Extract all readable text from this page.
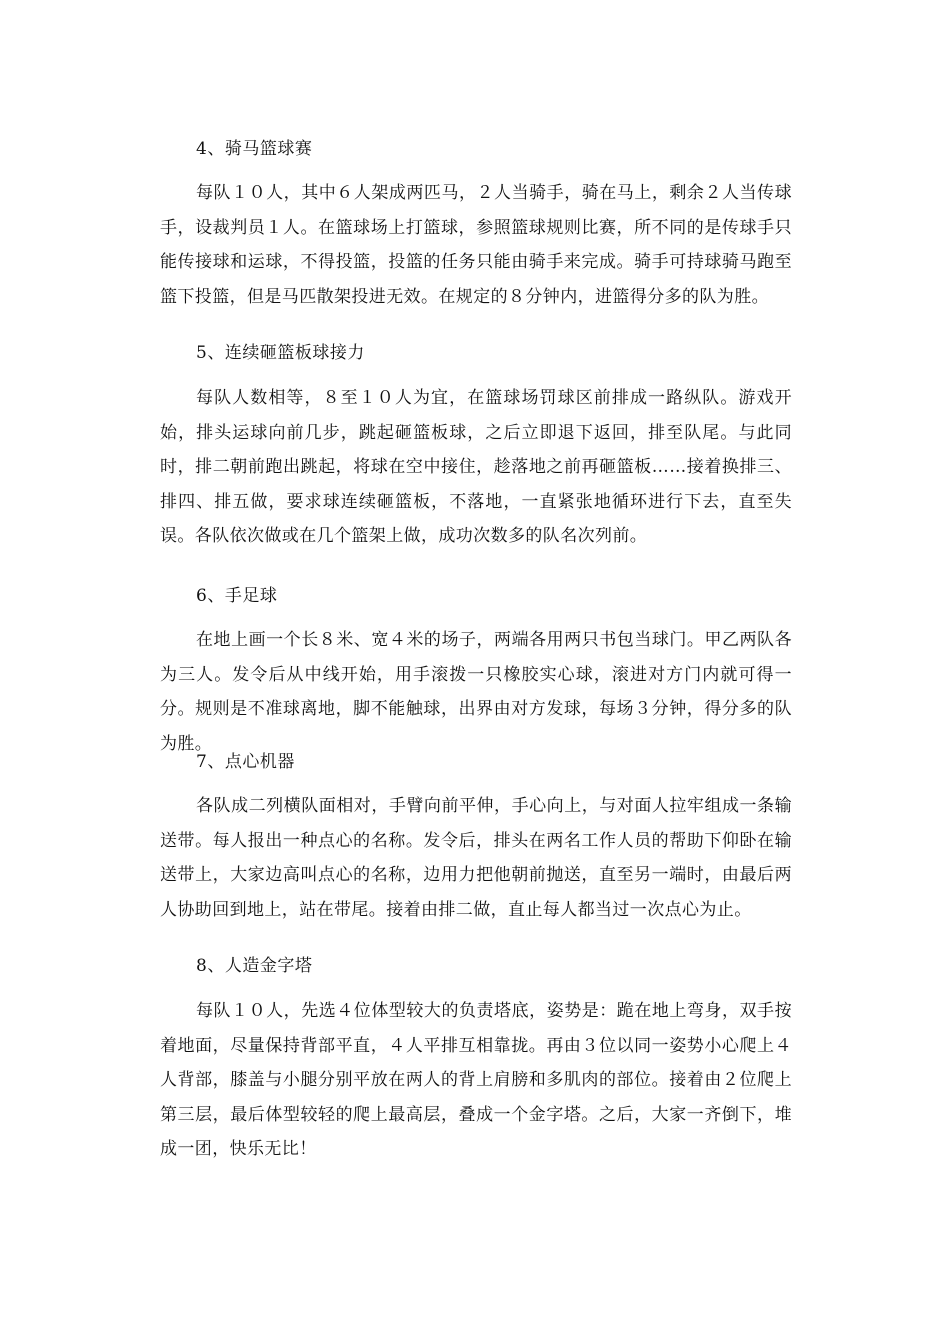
4、骑马篮球赛
每队１０人，其中６人架成两匹马，２人当骑手，骑在马上，剩余２人当传球手，设裁判员１人。在篮球场上打篮球，参照篮球规则比赛，所不同的是传球手只能传接球和运球，不得投篮，投篮的任务只能由骑手来完成。骑手可持球骑马跑至篮下投篮，但是马匹散架投进无效。在规定的８分钟内，进篮得分多的队为胜。
5、连续砸篮板球接力
每队人数相等，８至１０人为宜，在篮球场罚球区前排成一路纵队。游戏开始，排头运球向前几步，跳起砸篮板球，之后立即退下返回，排至队尾。与此同时，排二朝前跑出跳起，将球在空中接住，趁落地之前再砸篮板……接着换排三、排四、排五做，要求球连续砸篮板，不落地，一直紧张地循环进行下去，直至失误。各队依次做或在几个篮架上做，成功次数多的队名次列前。
6、手足球
在地上画一个长８米、宽４米的场子，两端各用两只书包当球门。甲乙两队各为三人。发令后从中线开始，用手滚拨一只橡胶实心球，滚进对方门内就可得一分。规则是不准球离地，脚不能触球，出界由对方发球，每场３分钟，得分多的队为胜。
7、点心机器
各队成二列横队面相对，手臂向前平伸，手心向上，与对面人拉牢组成一条输送带。每人报出一种点心的名称。发令后，排头在两名工作人员的帮助下仰卧在输送带上，大家边高叫点心的名称，边用力把他朝前抛送，直至另一端时，由最后两人协助回到地上，站在带尾。接着由排二做，直止每人都当过一次点心为止。
8、人造金字塔
每队１０人，先选４位体型较大的负责塔底，姿势是：跪在地上弯身，双手按着地面，尽量保持背部平直，４人平排互相靠拢。再由３位以同一姿势小心爬上４人背部，膝盖与小腿分别平放在两人的背上肩膀和多肌肉的部位。接着由２位爬上第三层，最后体型较轻的爬上最高层，叠成一个金字塔。之后，大家一齐倒下，堆成一团，快乐无比！
